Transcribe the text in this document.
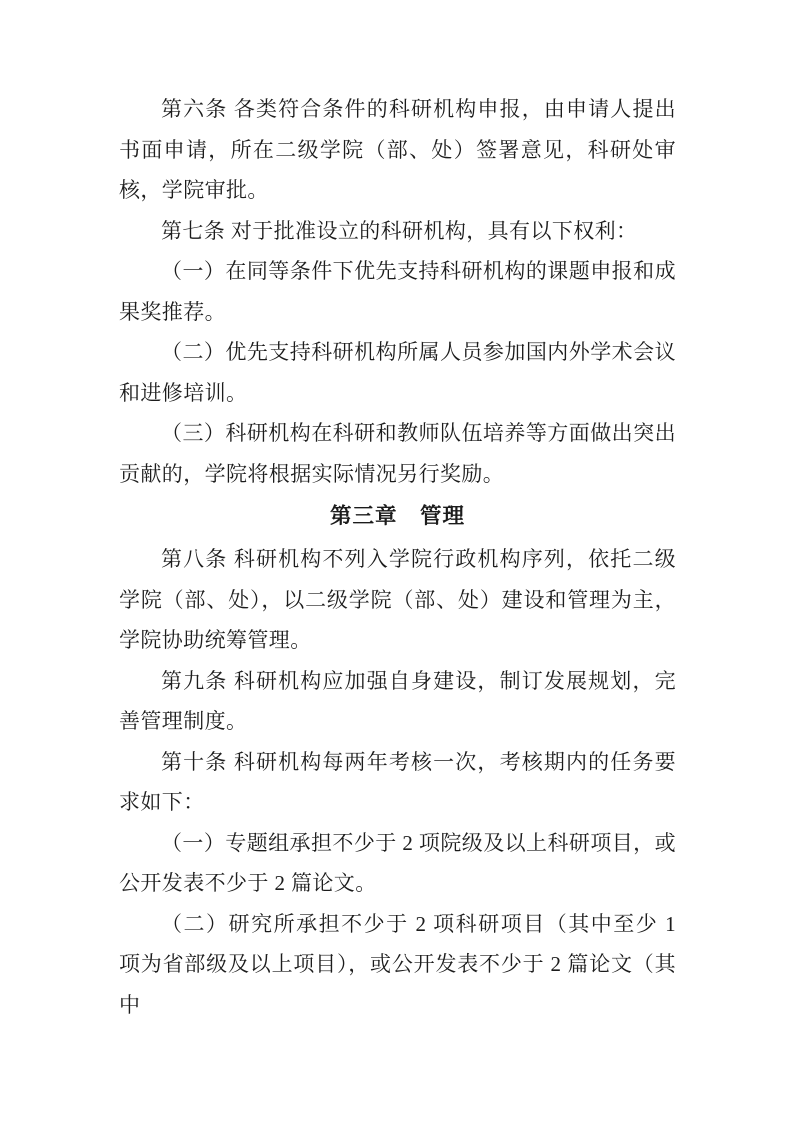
第六条 各类符合条件的科研机构申报，由申请人提出书面申请，所在二级学院（部、处）签署意见，科研处审核，学院审批。

第七条 对于批准设立的科研机构，具有以下权利：

（一）在同等条件下优先支持科研机构的课题申报和成果奖推荐。

（二）优先支持科研机构所属人员参加国内外学术会议和进修培训。

（三）科研机构在科研和教师队伍培养等方面做出突出贡献的，学院将根据实际情况另行奖励。

第三章　管理

第八条 科研机构不列入学院行政机构序列，依托二级学院（部、处），以二级学院（部、处）建设和管理为主，学院协助统筹管理。

第九条 科研机构应加强自身建设，制订发展规划，完善管理制度。

第十条 科研机构每两年考核一次，考核期内的任务要求如下：

（一）专题组承担不少于 2 项院级及以上科研项目，或公开发表不少于 2 篇论文。

（二）研究所承担不少于 2 项科研项目（其中至少 1 项为省部级及以上项目），或公开发表不少于 2 篇论文（其中
